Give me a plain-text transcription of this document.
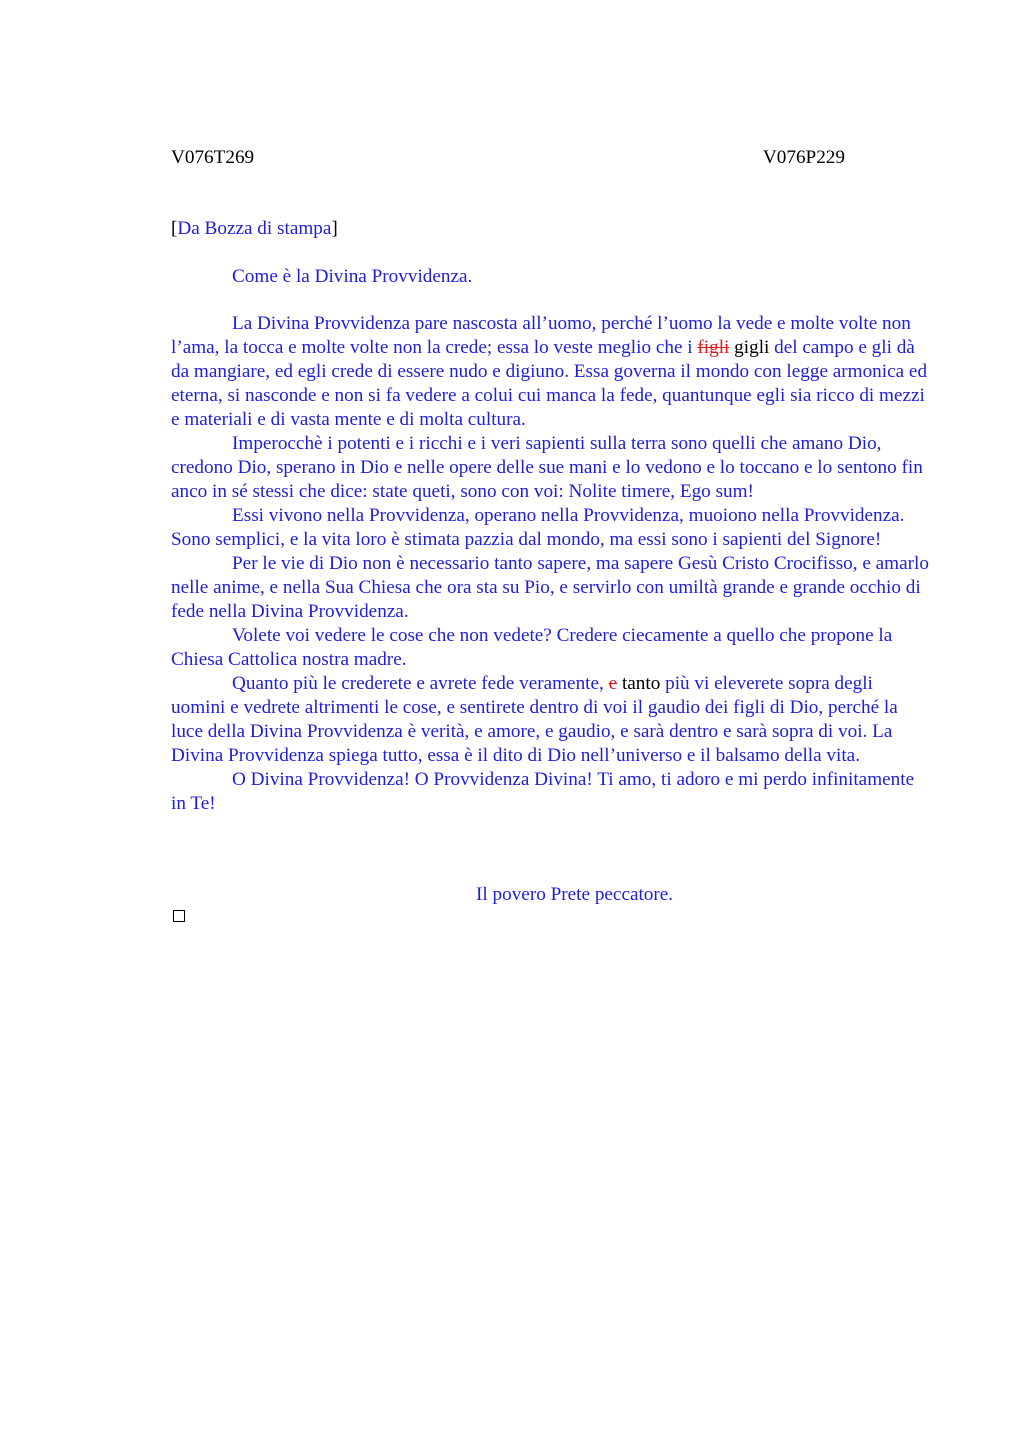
V076T269	V076P229
[Da Bozza di stampa]
Come è la Divina Provvidenza.

La Divina Provvidenza pare nascosta all’uomo, perché l’uomo la vede e molte volte non l’ama, la tocca e molte volte non la crede; essa lo veste meglio che i figli gigli del campo e gli dà da mangiare, ed egli crede di essere nudo e digiuno. Essa governa il mondo con legge armonica ed eterna, si nasconde e non si fa vedere a colui cui manca la fede, quantunque egli sia ricco di mezzi e materiali e di vasta mente e di molta cultura.

Imperocchè i potenti e i ricchi e i veri sapienti sulla terra sono quelli che amano Dio, credono Dio, sperano in Dio e nelle opere delle sue mani e lo vedono e lo toccano e lo sentono fin anco in sé stessi che dice: state queti, sono con voi: Nolite timere, Ego sum!

Essi vivono nella Provvidenza, operano nella Provvidenza, muoiono nella Provvidenza. Sono semplici, e la vita loro è stimata pazzia dal mondo, ma essi sono i sapienti del Signore!

Per le vie di Dio non è necessario tanto sapere, ma sapere Gesù Cristo Crocifisso, e amarlo nelle anime, e nella Sua Chiesa che ora sta su Pio, e servirlo con umiltà grande e grande occhio di fede nella Divina Provvidenza.

Volete voi vedere le cose che non vedete? Credere ciecamente a quello che propone la Chiesa Cattolica nostra madre.

Quanto più le crederete e avrete fede veramente, e tanto più vi eleverete sopra degli uomini e vedrete altrimenti le cose, e sentirete dentro di voi il gaudio dei figli di Dio, perché la luce della Divina Provvidenza è verità, e amore, e gaudio, e sarà dentro e sarà sopra di voi. La Divina Provvidenza spiega tutto, essa è il dito di Dio nell’universo e il balsamo della vita.

O Divina Provvidenza! O Provvidenza Divina! Ti amo, ti adoro e mi perdo infinitamente in Te!

Il povero Prete peccatore.
